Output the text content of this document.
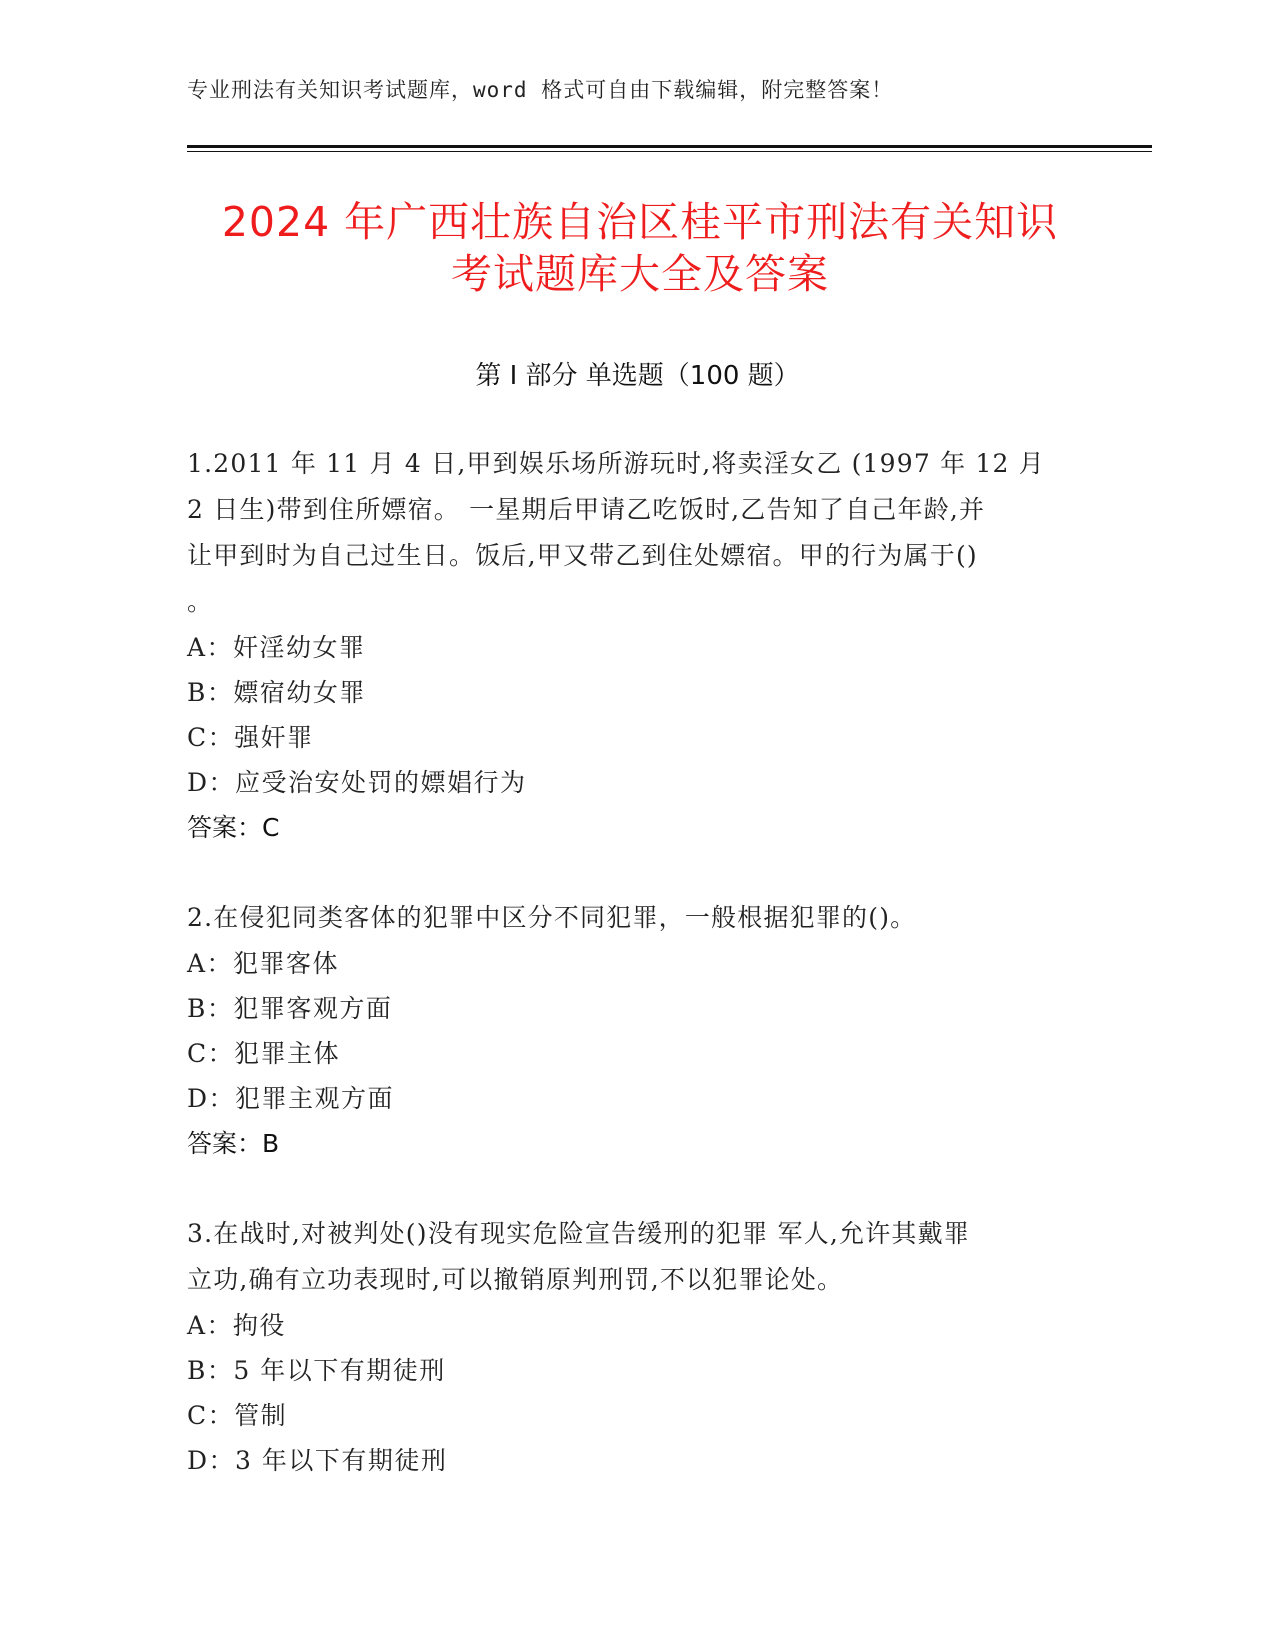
专业刑法有关知识考试题库，word 格式可自由下载编辑，附完整答案！
2024 年广西壮族自治区桂平市刑法有关知识
考试题库大全及答案
第 I 部分 单选题（100 题）
1.2011 年 11 月 4 日,甲到娱乐场所游玩时,将卖淫女乙 (1997 年 12 月
2 日生)带到住所嫖宿。 一星期后甲请乙吃饭时,乙告知了自己年龄,并
让甲到时为自己过生日。饭后,甲又带乙到住处嫖宿。甲的行为属于()
。
A：奸淫幼女罪
B：嫖宿幼女罪
C：强奸罪
D：应受治安处罚的嫖娼行为
答案：C
2.在侵犯同类客体的犯罪中区分不同犯罪，一般根据犯罪的()。
A：犯罪客体
B：犯罪客观方面
C：犯罪主体
D：犯罪主观方面
答案：B
3.在战时,对被判处()没有现实危险宣告缓刑的犯罪 军人,允许其戴罪
立功,确有立功表现时,可以撤销原判刑罚,不以犯罪论处。
A：拘役
B：5 年以下有期徒刑
C：管制
D：3 年以下有期徒刑
